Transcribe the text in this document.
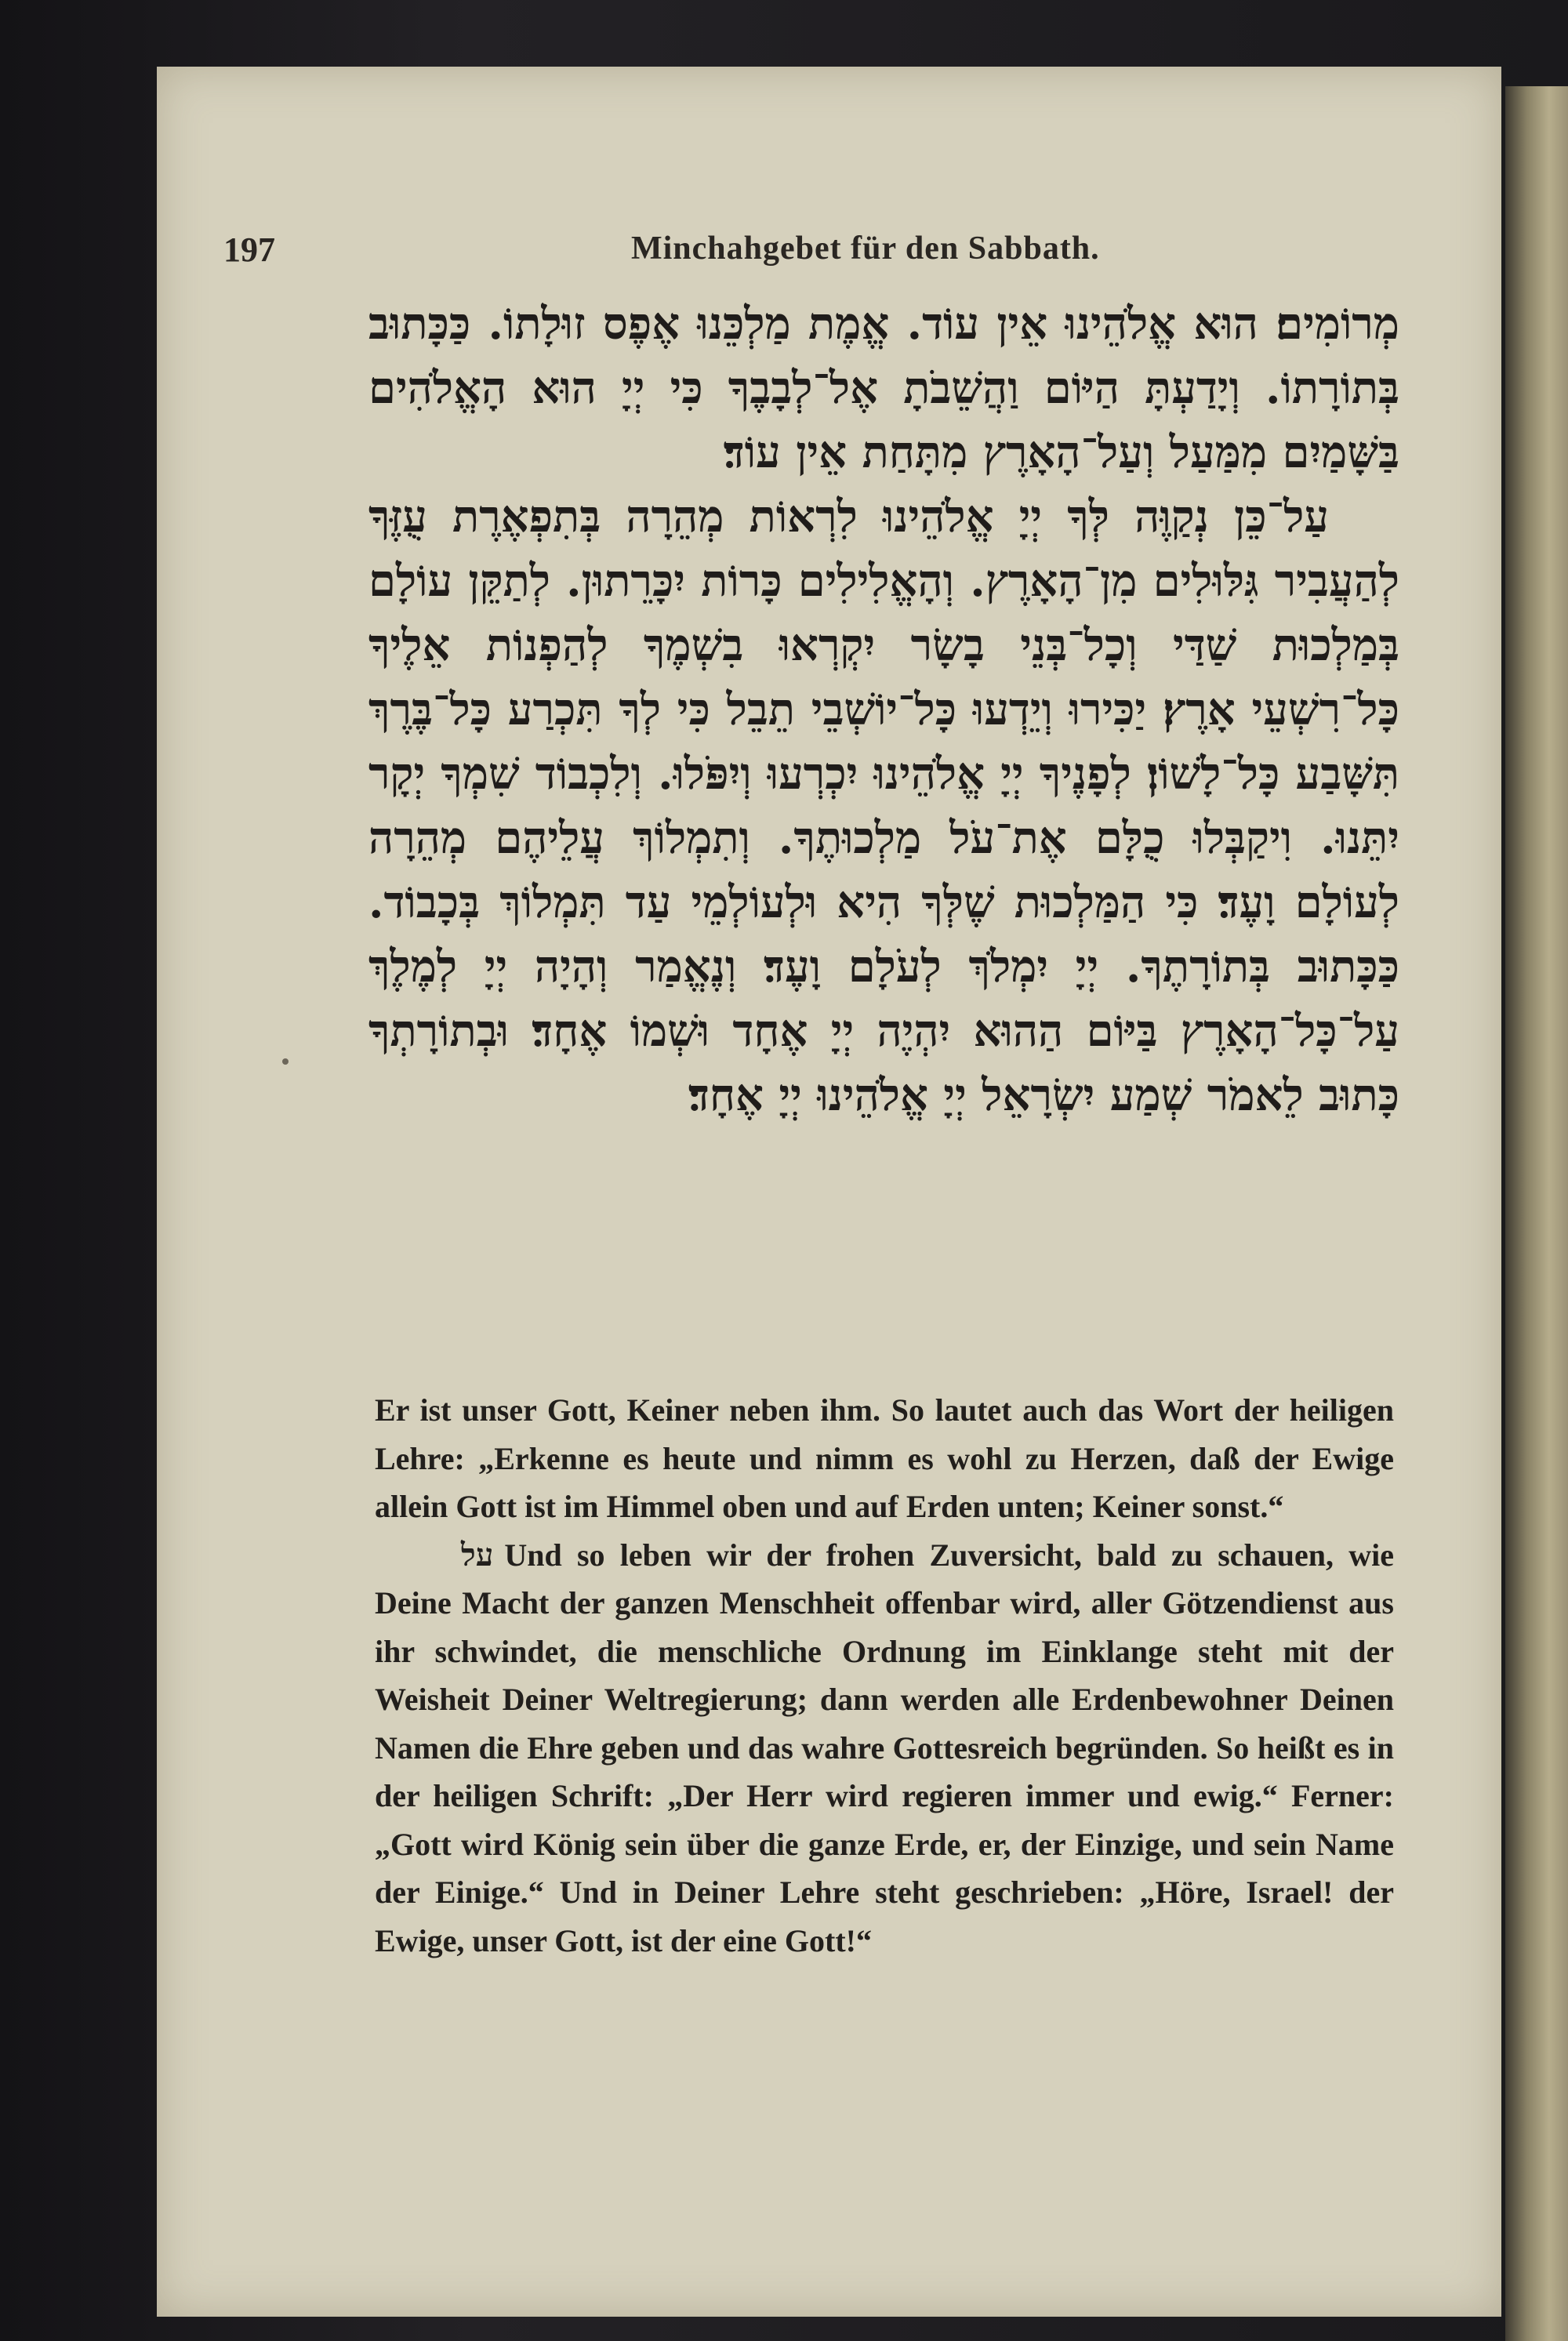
197	Minchahgebet für den Sabbath.

מְרוֹמִים׃ הוּא אֱלֹהֵינוּ אֵין עוֹד. אֱמֶת מַלְכֵּנוּ אֶפֶס זוּלָתוֹ. כַּכָּתוּב בְּתוֹרָתוֹ. וְיָדַעְתָּ הַיּוֹם וַהֲשֵׁבֹתָ אֶל־לְבָבֶךָ כִּי יְיָ הוּא הָאֱלֹהִים בַּשָּׁמַיִם מִמַּעַל וְעַל־הָאָרֶץ מִתָּחַת אֵין עוֹד׃

עַל־כֵּן נְקַוֶּה לְּךָ יְיָ אֱלֹהֵינוּ לִרְאוֹת מְהֵרָה בְּתִפְאֶרֶת עֻזֶּךָ לְהַעֲבִיר גִּלּוּלִים מִן־הָאָרֶץ. וְהָאֱלִילִים כָּרוֹת יִכָּרֵתוּן. לְתַקֵּן עוֹלָם בְּמַלְכוּת שַׁדַּי וְכָל־בְּנֵי בָשָׂר יִקְרְאוּ בִשְׁמֶךָ לְהַפְנוֹת אֵלֶיךָ כָּל־רִשְׁעֵי אָרֶץ׃ יַכִּירוּ וְיֵדְעוּ כָּל־יוֹשְׁבֵי תֵבֵל כִּי לְךָ תִּכְרַע כָּל־בֶּרֶךְ תִּשָּׁבַע כָּל־לָשׁוֹן׃ לְפָנֶיךָ יְיָ אֱלֹהֵינוּ יִכְרְעוּ וְיִפֹּלוּ. וְלִכְבוֹד שִׁמְךָ יְקָר יִתֵּנוּ. וִיקַבְּלוּ כֻלָּם אֶת־עֹל מַלְכוּתֶךָ. וְתִמְלוֹךְ עֲלֵיהֶם מְהֵרָה לְעוֹלָם וָעֶד׃ כִּי הַמַּלְכוּת שֶׁלְּךָ הִיא וּלְעוֹלְמֵי עַד תִּמְלוֹךְ בְּכָבוֹד. כַּכָּתוּב בְּתוֹרָתֶךָ. יְיָ יִמְלֹךְ לְעֹלָם וָעֶד׃ וְנֶאֱמַר וְהָיָה יְיָ לְמֶלֶךְ עַל־כָּל־הָאָרֶץ בַּיּוֹם הַהוּא יִהְיֶה יְיָ אֶחָד וּשְׁמוֹ אֶחָד׃ וּבְתוֹרָתְךָ כָּתוּב לֵאמֹר שְׁמַע יִשְׂרָאֵל יְיָ אֱלֹהֵינוּ יְיָ אֶחָד׃

Er ist unser Gott, Keiner neben ihm. So lautet auch das Wort der heiligen Lehre: „Erkenne es heute und nimm es wohl zu Herzen, daß der Ewige allein Gott ist im Himmel oben und auf Erden unten; Keiner sonst.“

על Und so leben wir der frohen Zuversicht, bald zu schauen, wie Deine Macht der ganzen Menschheit offenbar wird, aller Götzendienst aus ihr schwindet, die menschliche Ordnung im Einklange steht mit der Weisheit Deiner Weltregierung; dann werden alle Erdenbewohner Deinen Namen die Ehre geben und das wahre Gottesreich begründen. So heißt es in der heiligen Schrift: „Der Herr wird regieren immer und ewig.“ Ferner: „Gott wird König sein über die ganze Erde, er, der Einzige, und sein Name der Einige.“ Und in Deiner Lehre steht geschrieben: „Höre, Israel! der Ewige, unser Gott, ist der eine Gott!“
